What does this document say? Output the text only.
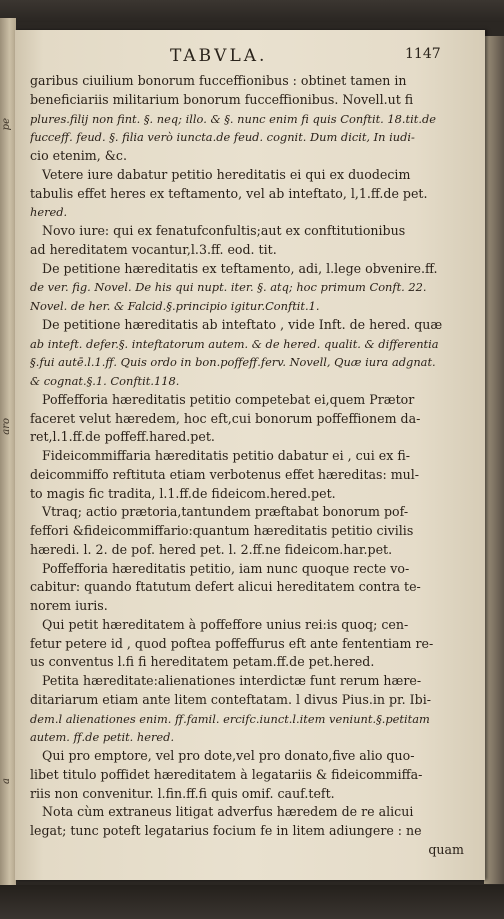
pe
aro
a
TABVLA.	1147
garibus ciuilium bonorum fucceffionibus : obtinet tamen in
beneficiariis militarium bonorum fucceffionibus. Novell.ut fi
plures.filij non fint. §. neq; illo. & §. nunc enim fi quis Conftit. 18.tit.de
fucceff. feud. §. filia verò iuncta.de feud. cognit. Dum dicit, In iudi-
cio etenim, &c.
Vetere iure dabatur petitio hereditatis ei qui ex duodecim
tabulis effet heres ex teftamento, vel ab inteftato, l,1.ff.de pet.
hered.
Novo iure: qui ex fenatufconfultis;aut ex conftitutionibus
ad hereditatem vocantur,l.3.ff. eod. tit.
De petitione hæreditatis ex teftamento, adi, l.lege obvenire.ff.
de ver. fig. Novel. De his qui nupt. iter. §. atq; hoc primum Conft. 22.
Novel. de her. & Falcid.§.principio igitur.Conftit.1.
De petitione hæreditatis ab inteftato , vide Inft. de hered. quæ
ab inteft. defer.§. inteftatorum autem. & de hered. qualit. & differentia
§.fui autē.l.1.ff. Quis ordo in bon.poffeff.ferv. Novell, Quæ iura adgnat.
& cognat.§.1. Conftit.118.
Poffefforia hæreditatis petitio competebat ei,quem Prætor
faceret velut hæredem, hoc eft,cui bonorum poffeffionem da-
ret,l.1.ff.de poffeff.hared.pet.
Fideicommiffaria hæreditatis petitio dabatur ei , cui ex fi-
deicommiffo reftituta etiam verbotenus effet hæreditas: mul-
to magis fic tradita, l.1.ff.de fideicom.hered.pet.
Vtraq; actio prætoria,tantundem præftabat bonorum pof-
feffori &fideicommiffario:quantum hæreditatis petitio civilis
hæredi. l. 2. de pof. hered pet. l. 2.ff.ne fideicom.har.pet.
Poffefforia hæreditatis petitio, iam nunc quoque recte vo-
cabitur: quando ftatutum defert alicui hereditatem contra te-
norem iuris.
Qui petit hæreditatem à poffeffore unius rei:is quoq; cen-
fetur petere id , quod poftea poffeffurus eft ante fententiam re-
us conventus l.fi fi hereditatem petam.ff.de pet.hered.
Petita hæreditate:alienationes interdictæ funt rerum hære-
ditariarum etiam ante litem conteftatam. l divus Pius.in pr. Ibi-
dem.l alienationes enim. ff.famil. ercifc.iunct.l.item veniunt.§.petitam
autem. ff.de petit. hered.
Qui pro emptore, vel pro dote,vel pro donato,five alio quo-
libet titulo poffidet hæreditatem à legatariis & fideicommiffa-
riis non convenitur. l.fin.ff.fi quis omif. cauf.teft.
Nota cùm extraneus litigat adverfus hæredem de re alicui
legat; tunc poteft legatarius focium fe in litem adiungere : ne
quam
